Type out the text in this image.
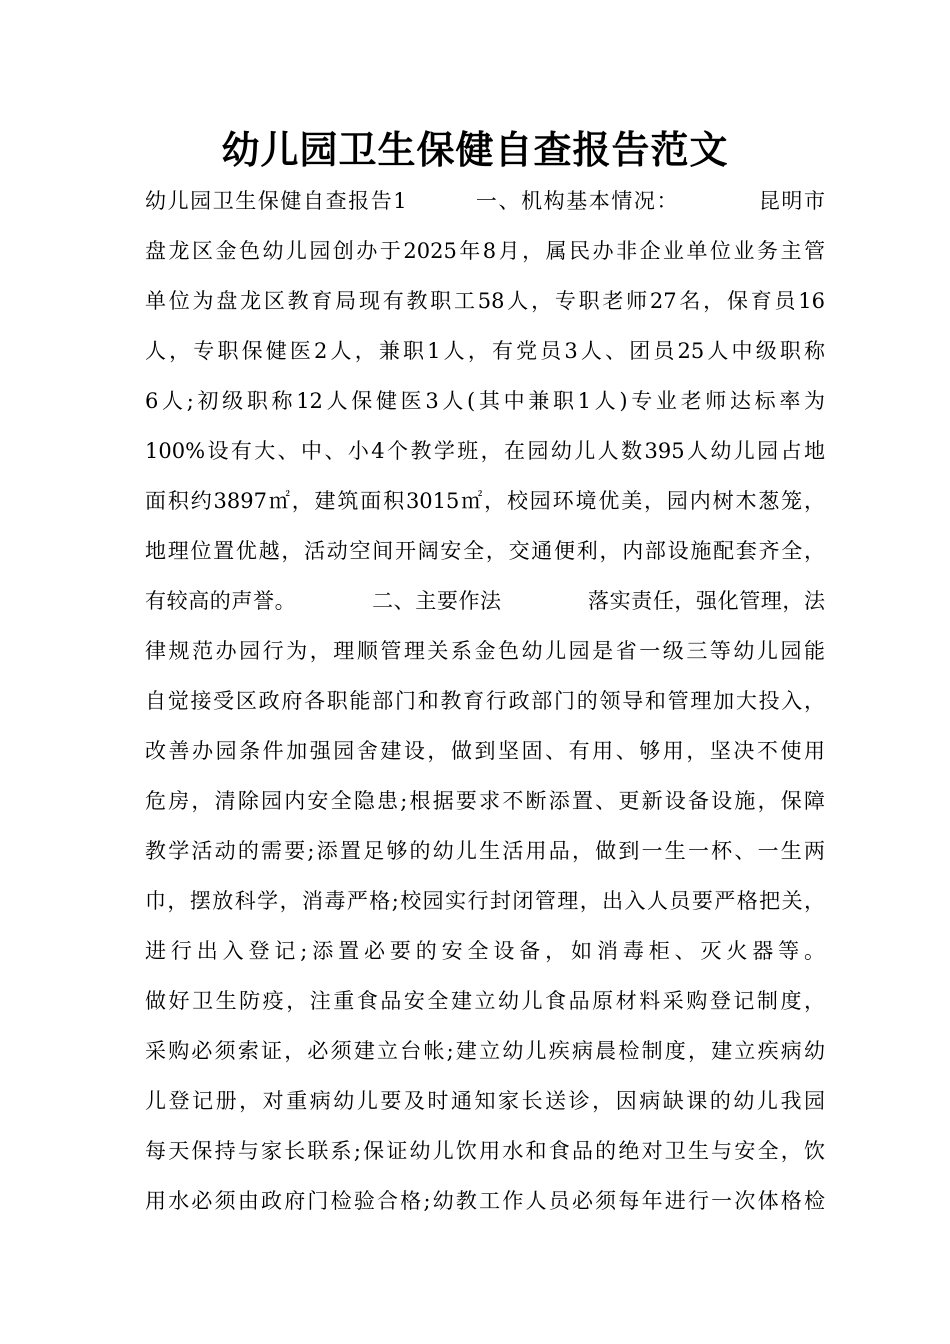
幼儿园卫生保健自查报告范文
幼儿园卫生保健自查报告1　　　一、机构基本情况：　　　　昆明市
盘龙区金色幼儿园创办于2025年8月，属民办非企业单位业务主管
单位为盘龙区教育局现有教职工58人，专职老师27名，保育员16
人，专职保健医2人，兼职1人，有党员3人、团员25人中级职称
6人;初级职称12人保健医3人(其中兼职1人)专业老师达标率为
100%设有大、中、小4个教学班，在园幼儿人数395人幼儿园占地
面积约3897㎡，建筑面积3015㎡，校园环境优美，园内树木葱笼，
地理位置优越，活动空间开阔安全，交通便利，内部设施配套齐全，
有较高的声誉。　　　　二、主要作法　　　　落实责任，强化管理，法
律规范办园行为，理顺管理关系金色幼儿园是省一级三等幼儿园能
自觉接受区政府各职能部门和教育行政部门的领导和管理加大投入，
改善办园条件加强园舍建设，做到坚固、有用、够用，坚决不使用
危房，清除园内安全隐患;根据要求不断添置、更新设备设施，保障
教学活动的需要;添置足够的幼儿生活用品，做到一生一杯、一生两
巾，摆放科学，消毒严格;校园实行封闭管理，出入人员要严格把关，
进行出入登记;添置必要的安全设备，如消毒柜、灭火器等。
做好卫生防疫，注重食品安全建立幼儿食品原材料采购登记制度，
采购必须索证，必须建立台帐;建立幼儿疾病晨检制度，建立疾病幼
儿登记册，对重病幼儿要及时通知家长送诊，因病缺课的幼儿我园
每天保持与家长联系;保证幼儿饮用水和食品的绝对卫生与安全，饮
用水必须由政府门检验合格;幼教工作人员必须每年进行一次体格检
